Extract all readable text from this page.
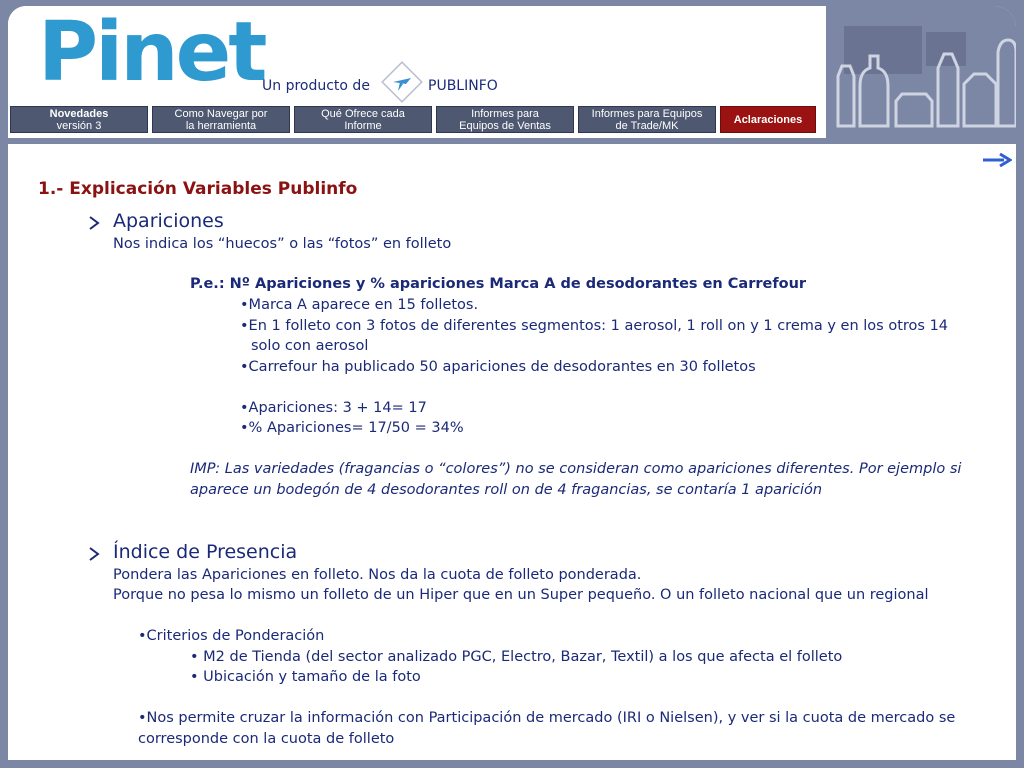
Pinet
Un producto de	PUBLINFO
Novedades
versión 3
Como Navegar por
la herramienta
Qué Ofrece cada
Informe
Informes para
Equipos de Ventas
Informes para Equipos
de Trade/MK	Aclaraciones
1.- Explicación Variables Publinfo
Apariciones
Nos indica los “huecos” o las “fotos” en folleto
P.e.: Nº Apariciones y % apariciones Marca A de desodorantes en Carrefour
•Marca A aparece en 15 folletos.
•En 1 folleto con 3 fotos de diferentes segmentos: 1 aerosol, 1 roll on y 1 crema y en los otros 14
solo con aerosol
•Carrefour ha publicado 50 apariciones de desodorantes en 30 folletos
•Apariciones: 3 + 14= 17
•% Apariciones= 17/50 = 34%
IMP: Las variedades (fragancias o “colores”) no se consideran como apariciones diferentes. Por ejemplo si
aparece un bodegón de 4 desodorantes roll on de 4 fragancias, se contaría 1 aparición
Índice de Presencia
Pondera las Apariciones en folleto. Nos da la cuota de folleto ponderada.
Porque no pesa lo mismo un folleto de un Hiper que en un Super pequeño. O un folleto nacional que un regional
•Criterios de Ponderación
• M2 de Tienda (del sector analizado PGC, Electro, Bazar, Textil) a los que afecta el folleto
• Ubicación y tamaño de la foto
•Nos permite cruzar la información con Participación de mercado (IRI o Nielsen), y ver si la cuota de mercado se
corresponde con la cuota de folleto
